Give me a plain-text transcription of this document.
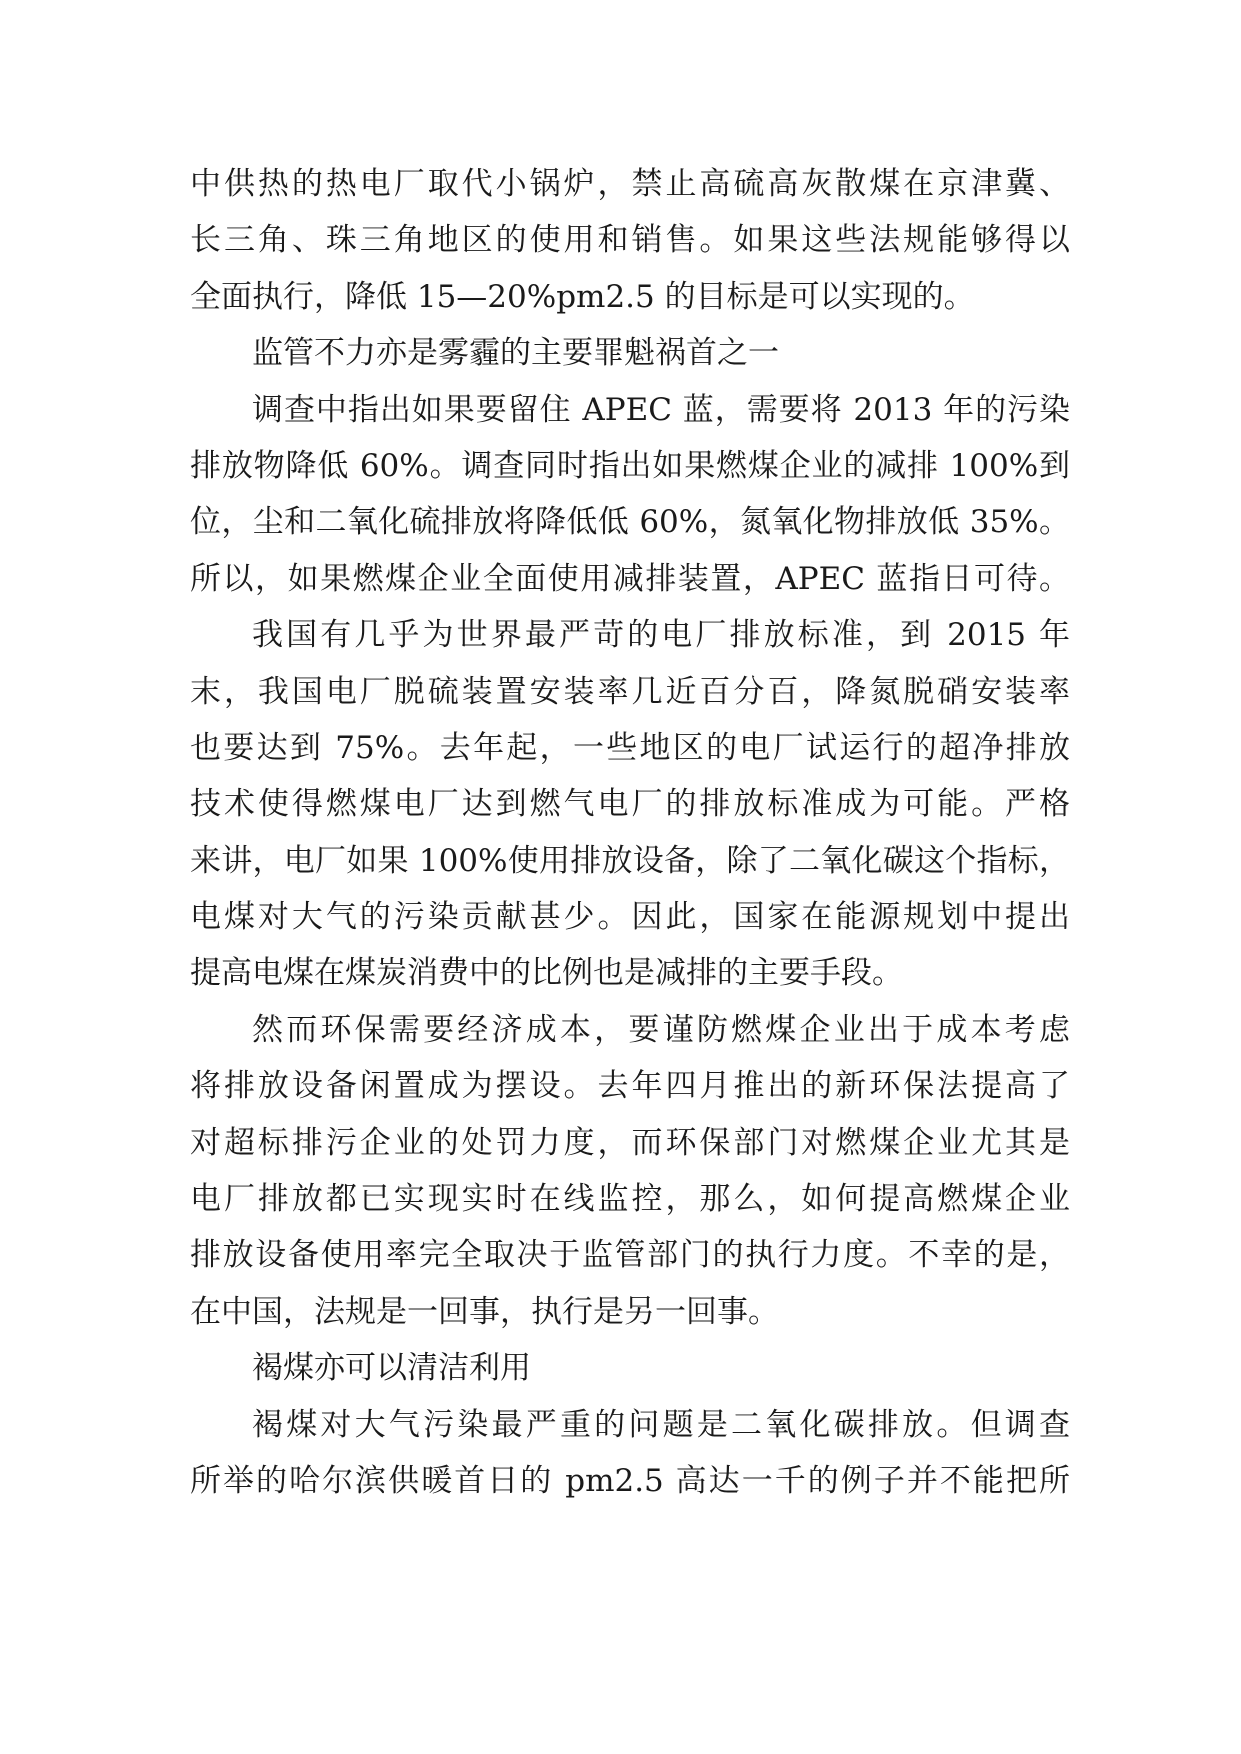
中供热的热电厂取代小锅炉，禁止高硫高灰散煤在京津冀、
长三角、珠三角地区的使用和销售。如果这些法规能够得以
全面执行，降低 15—20%pm2.5 的目标是可以实现的。
监管不力亦是雾霾的主要罪魁祸首之一
调查中指出如果要留住 APEC 蓝，需要将 2013 年的污染
排放物降低 60%。调查同时指出如果燃煤企业的减排 100%到
位，尘和二氧化硫排放将降低低 60%，氮氧化物排放低 35%。
所以，如果燃煤企业全面使用减排装置，APEC 蓝指日可待。
我国有几乎为世界最严苛的电厂排放标准，到 2015 年
末，我国电厂脱硫装置安装率几近百分百，降氮脱硝安装率
也要达到 75%。去年起，一些地区的电厂试运行的超净排放
技术使得燃煤电厂达到燃气电厂的排放标准成为可能。严格
来讲，电厂如果 100%使用排放设备，除了二氧化碳这个指标，
电煤对大气的污染贡献甚少。因此，国家在能源规划中提出
提高电煤在煤炭消费中的比例也是减排的主要手段。
然而环保需要经济成本，要谨防燃煤企业出于成本考虑
将排放设备闲置成为摆设。去年四月推出的新环保法提高了
对超标排污企业的处罚力度，而环保部门对燃煤企业尤其是
电厂排放都已实现实时在线监控，那么，如何提高燃煤企业
排放设备使用率完全取决于监管部门的执行力度。不幸的是，
在中国，法规是一回事，执行是另一回事。
褐煤亦可以清洁利用
褐煤对大气污染最严重的问题是二氧化碳排放。但调查
所举的哈尔滨供暖首日的 pm2.5 高达一千的例子并不能把所
